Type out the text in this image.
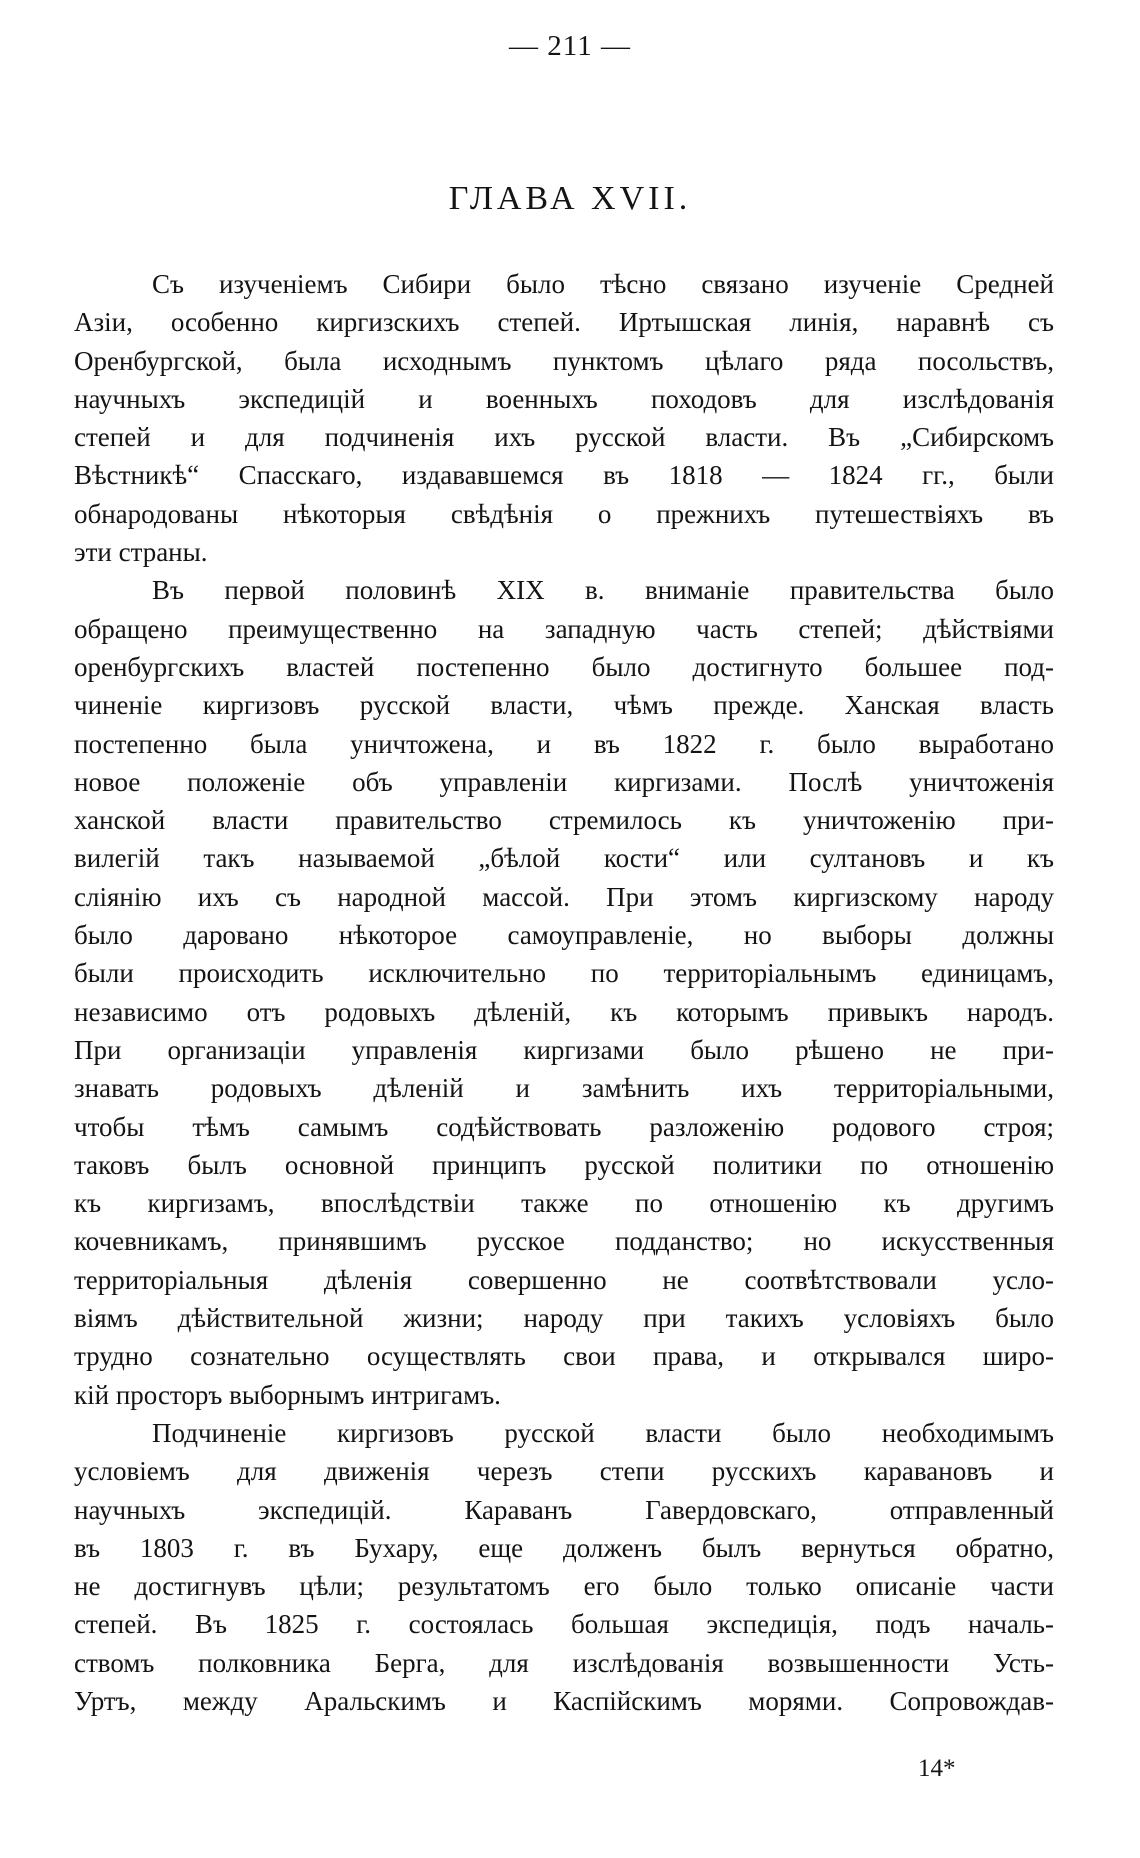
— 211 —
ГЛАВА XVII.
Съ изученіемъ Сибири было тѣсно связано изученіе Средней
Азіи, особенно киргизскихъ степей. Иртышская линія, наравнѣ съ
Оренбургской, была исходнымъ пунктомъ цѣлаго ряда посольствъ,
научныхъ экспедицій и военныхъ походовъ для изслѣдованія
степей и для подчиненія ихъ русской власти. Въ „Сибирскомъ
Вѣстникѣ“ Спасскаго, издававшемся въ 1818 — 1824 гг., были
обнародованы нѣкоторыя свѣдѣнія о прежнихъ путешествіяхъ въ
эти страны.
Въ первой половинѣ XIX в. вниманіе правительства было
обращено преимущественно на западную часть степей; дѣйствіями
оренбургскихъ властей постепенно было достигнуто большее под-
чиненіе киргизовъ русской власти, чѣмъ прежде. Ханская власть
постепенно была уничтожена, и въ 1822 г. было выработано
новое положеніе объ управленіи киргизами. Послѣ уничтоженія
ханской власти правительство стремилось къ уничтоженію при-
вилегій такъ называемой „бѣлой кости“ или султановъ и къ
сліянію ихъ съ народной массой. При этомъ киргизскому народу
было даровано нѣкоторое самоуправленіе, но выборы должны
были происходить исключительно по территоріальнымъ единицамъ,
независимо отъ родовыхъ дѣленій, къ которымъ привыкъ народъ.
При организаціи управленія киргизами было рѣшено не при-
знавать родовыхъ дѣленій и замѣнить ихъ территоріальными,
чтобы тѣмъ самымъ содѣйствовать разложенію родового строя;
таковъ былъ основной принципъ русской политики по отношенію
къ киргизамъ, впослѣдствіи также по отношенію къ другимъ
кочевникамъ, принявшимъ русское подданство; но искусственныя
территоріальныя дѣленія совершенно не соотвѣтствовали усло-
віямъ дѣйствительной жизни; народу при такихъ условіяхъ было
трудно сознательно осуществлять свои права, и открывался широ-
кій просторъ выборнымъ интригамъ.
Подчиненіе киргизовъ русской власти было необходимымъ
условіемъ для движенія черезъ степи русскихъ каравановъ и
научныхъ экспедицій. Караванъ Гавердовскаго, отправленный
въ 1803 г. въ Бухару, еще долженъ былъ вернуться обратно,
не достигнувъ цѣли; результатомъ его было только описаніе части
степей. Въ 1825 г. состоялась большая экспедиція, подъ началь-
ствомъ полковника Берга, для изслѣдованія возвышенности Усть-
Уртъ, между Аральскимъ и Каспійскимъ морями. Сопровождав-
14*
